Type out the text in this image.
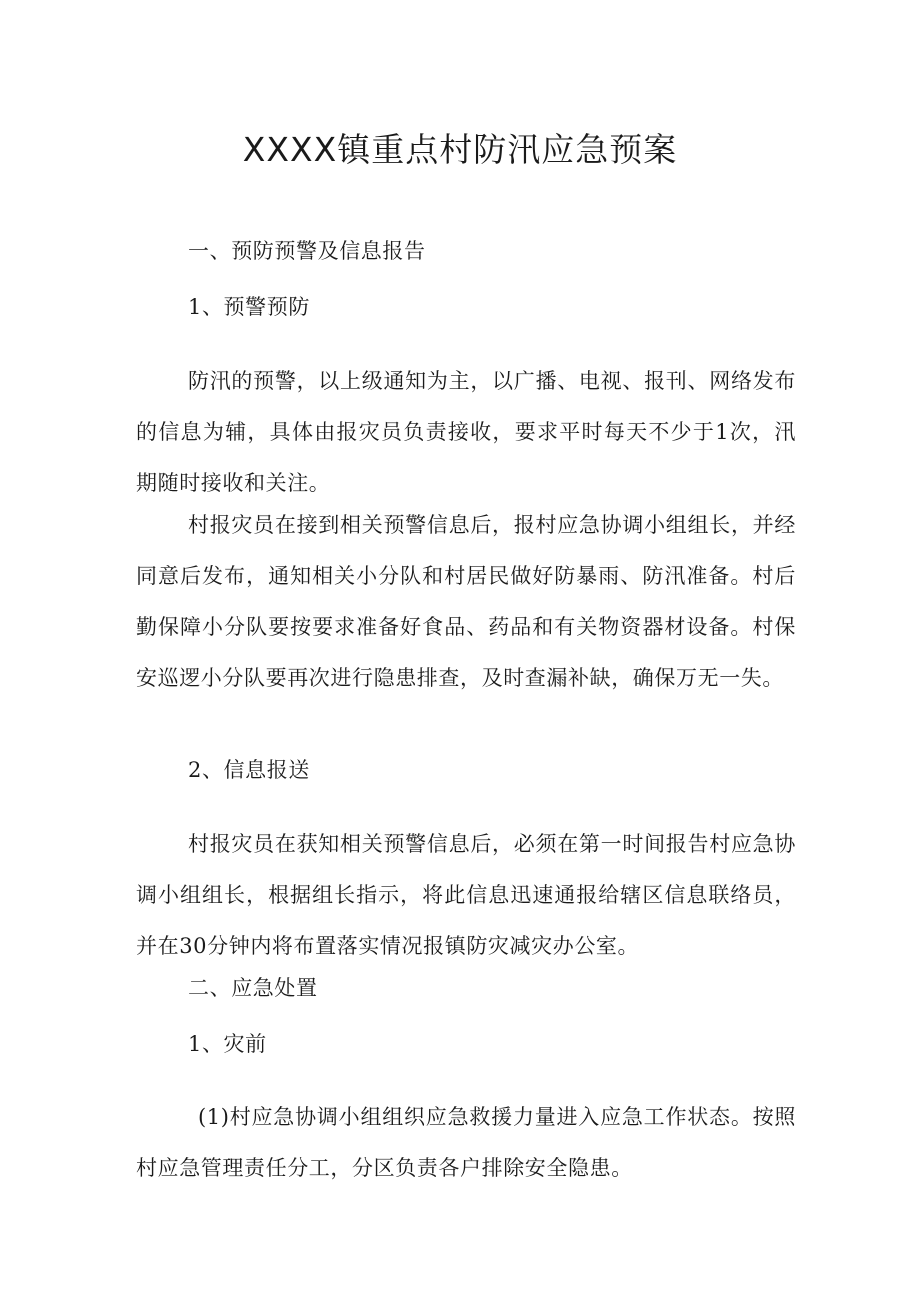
XXXX镇重点村防汛应急预案
一、预防预警及信息报告
1、预警预防
防汛的预警，以上级通知为主，以广播、电视、报刊、网络发布的信息为辅，具体由报灾员负责接收，要求平时每天不少于1次，汛期随时接收和关注。
村报灾员在接到相关预警信息后，报村应急协调小组组长，并经同意后发布，通知相关小分队和村居民做好防暴雨、防汛准备。村后勤保障小分队要按要求准备好食品、药品和有关物资器材设备。村保安巡逻小分队要再次进行隐患排查，及时查漏补缺，确保万无一失。
2、信息报送
村报灾员在获知相关预警信息后，必须在第一时间报告村应急协调小组组长，根据组长指示，将此信息迅速通报给辖区信息联络员，并在30分钟内将布置落实情况报镇防灾减灾办公室。
二、应急处置
1、灾前
(1)村应急协调小组组织应急救援力量进入应急工作状态。按照村应急管理责任分工，分区负责各户排除安全隐患。
